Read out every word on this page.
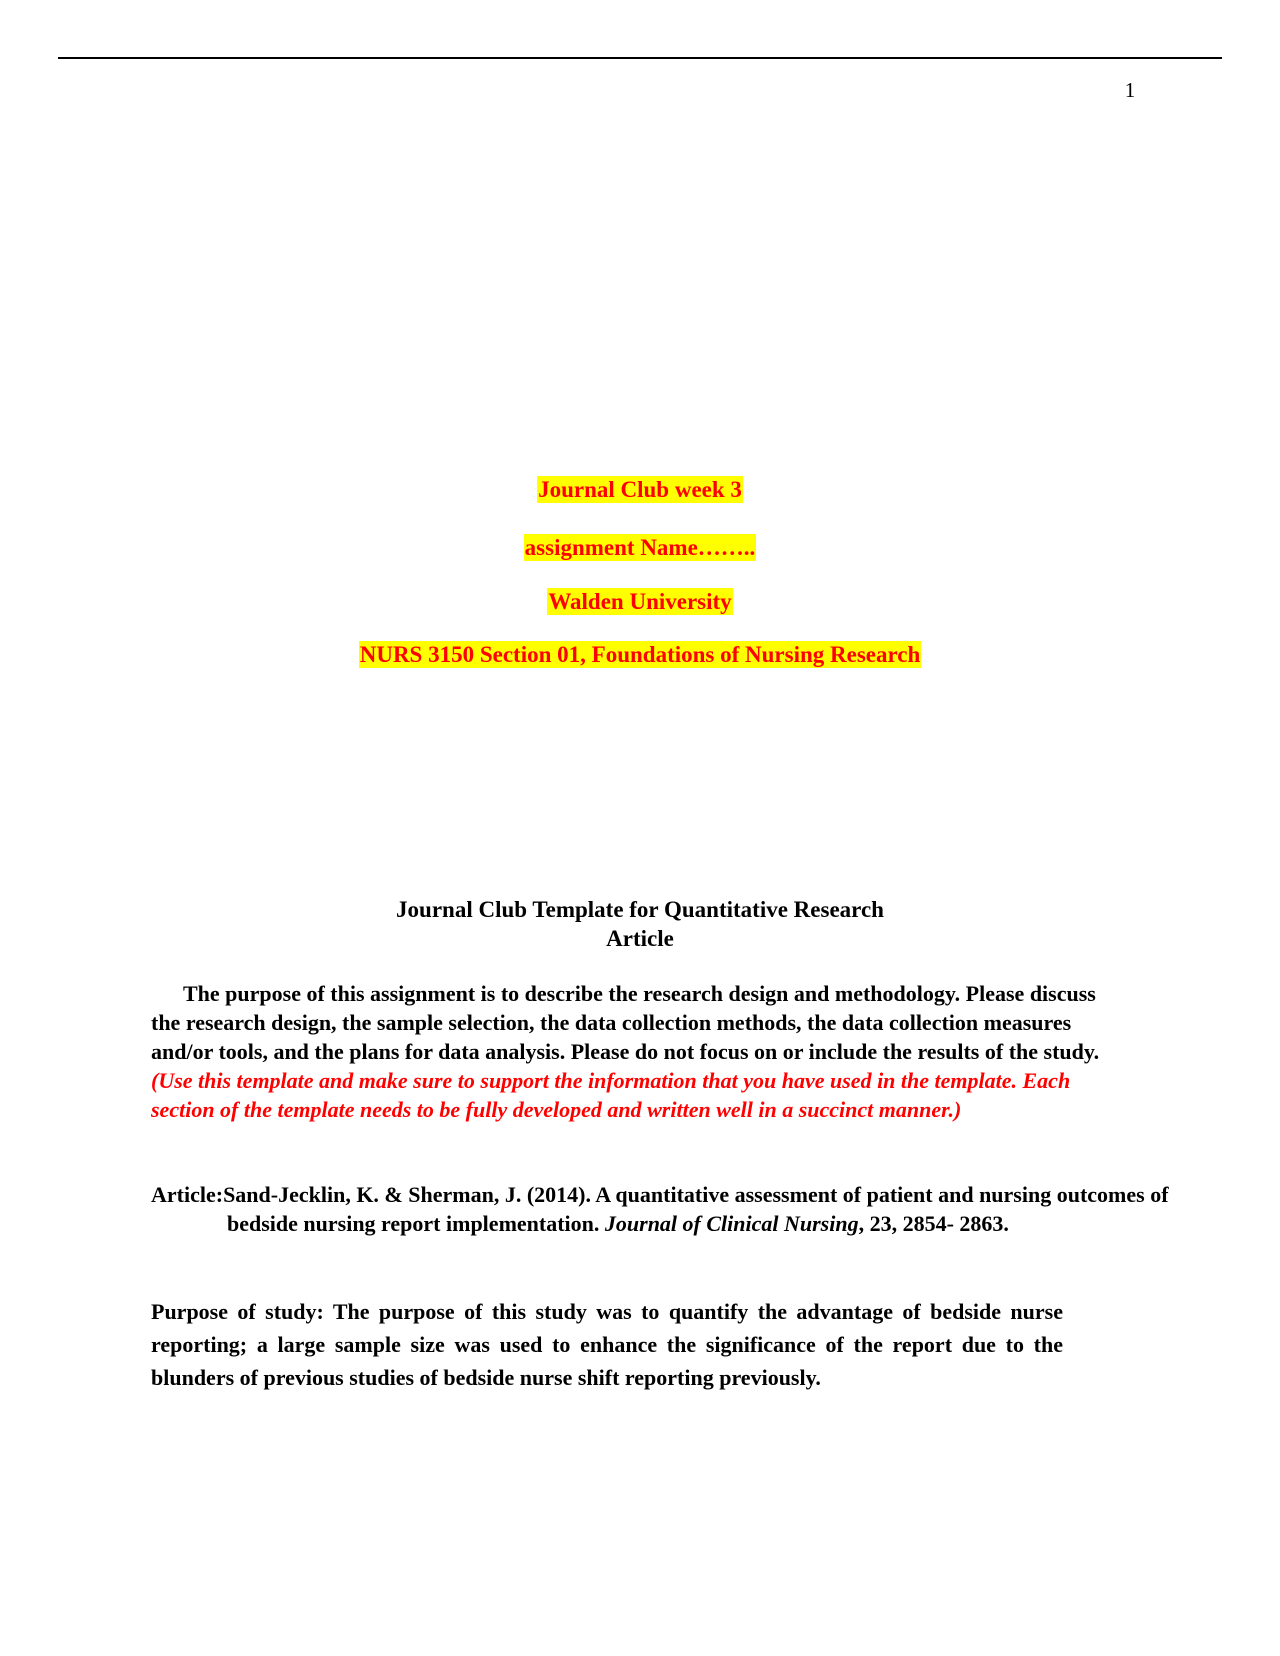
1
Journal Club week 3
assignment Name……..
Walden University
NURS 3150 Section 01, Foundations of Nursing Research
Journal Club Template for Quantitative Research
Article
The purpose of this assignment is to describe the research design and methodology. Please discuss the research design, the sample selection, the data collection methods, the data collection measures and/or tools, and the plans for data analysis. Please do not focus on or include the results of the study. (Use this template and make sure to support the information that you have used in the template. Each section of the template needs to be fully developed and written well in a succinct manner.)
Article:Sand-Jecklin, K. & Sherman, J. (2014). A quantitative assessment of patient and nursing outcomes of bedside nursing report implementation. Journal of Clinical Nursing, 23, 2854- 2863.
Purpose of study: The purpose of this study was to quantify the advantage of bedside nurse reporting; a large sample size was used to enhance the significance of the report due to the blunders of previous studies of bedside nurse shift reporting previously.
